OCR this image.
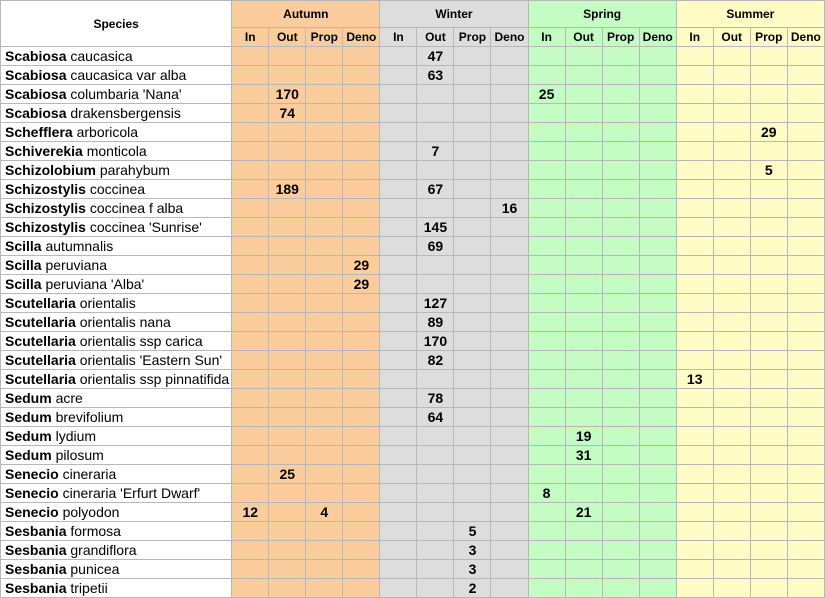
Species	Autumn				Winter				Spring				Summer			
	In	Out	Prop	Deno	In	Out	Prop	Deno	In	Out	Prop	Deno	In	Out	Prop	Deno
Scabiosa caucasica						47										
Scabiosa caucasica var alba						63										
Scabiosa columbaria 'Nana'		170							25							
Scabiosa drakensbergensis		74														
Schefflera arboricola															29	
Schiverekia monticola						7										
Schizolobium parahybum															5	
Schizostylis coccinea		189				67										
Schizostylis coccinea f alba								16								
Schizostylis coccinea 'Sunrise'						145										
Scilla autumnalis						69										
Scilla peruviana				29												
Scilla peruviana 'Alba'				29												
Scutellaria orientalis						127										
Scutellaria orientalis nana						89										
Scutellaria orientalis ssp carica						170										
Scutellaria orientalis 'Eastern Sun'						82										
Scutellaria orientalis ssp pinnatifida													13			
Sedum acre						78										
Sedum brevifolium						64										
Sedum lydium										19						
Sedum pilosum										31						
Senecio cineraria		25														
Senecio cineraria 'Erfurt Dwarf'									8							
Senecio polyodon	12		4							21						
Sesbania formosa							5									
Sesbania grandiflora							3									
Sesbania punicea							3									
Sesbania tripetii							2									
